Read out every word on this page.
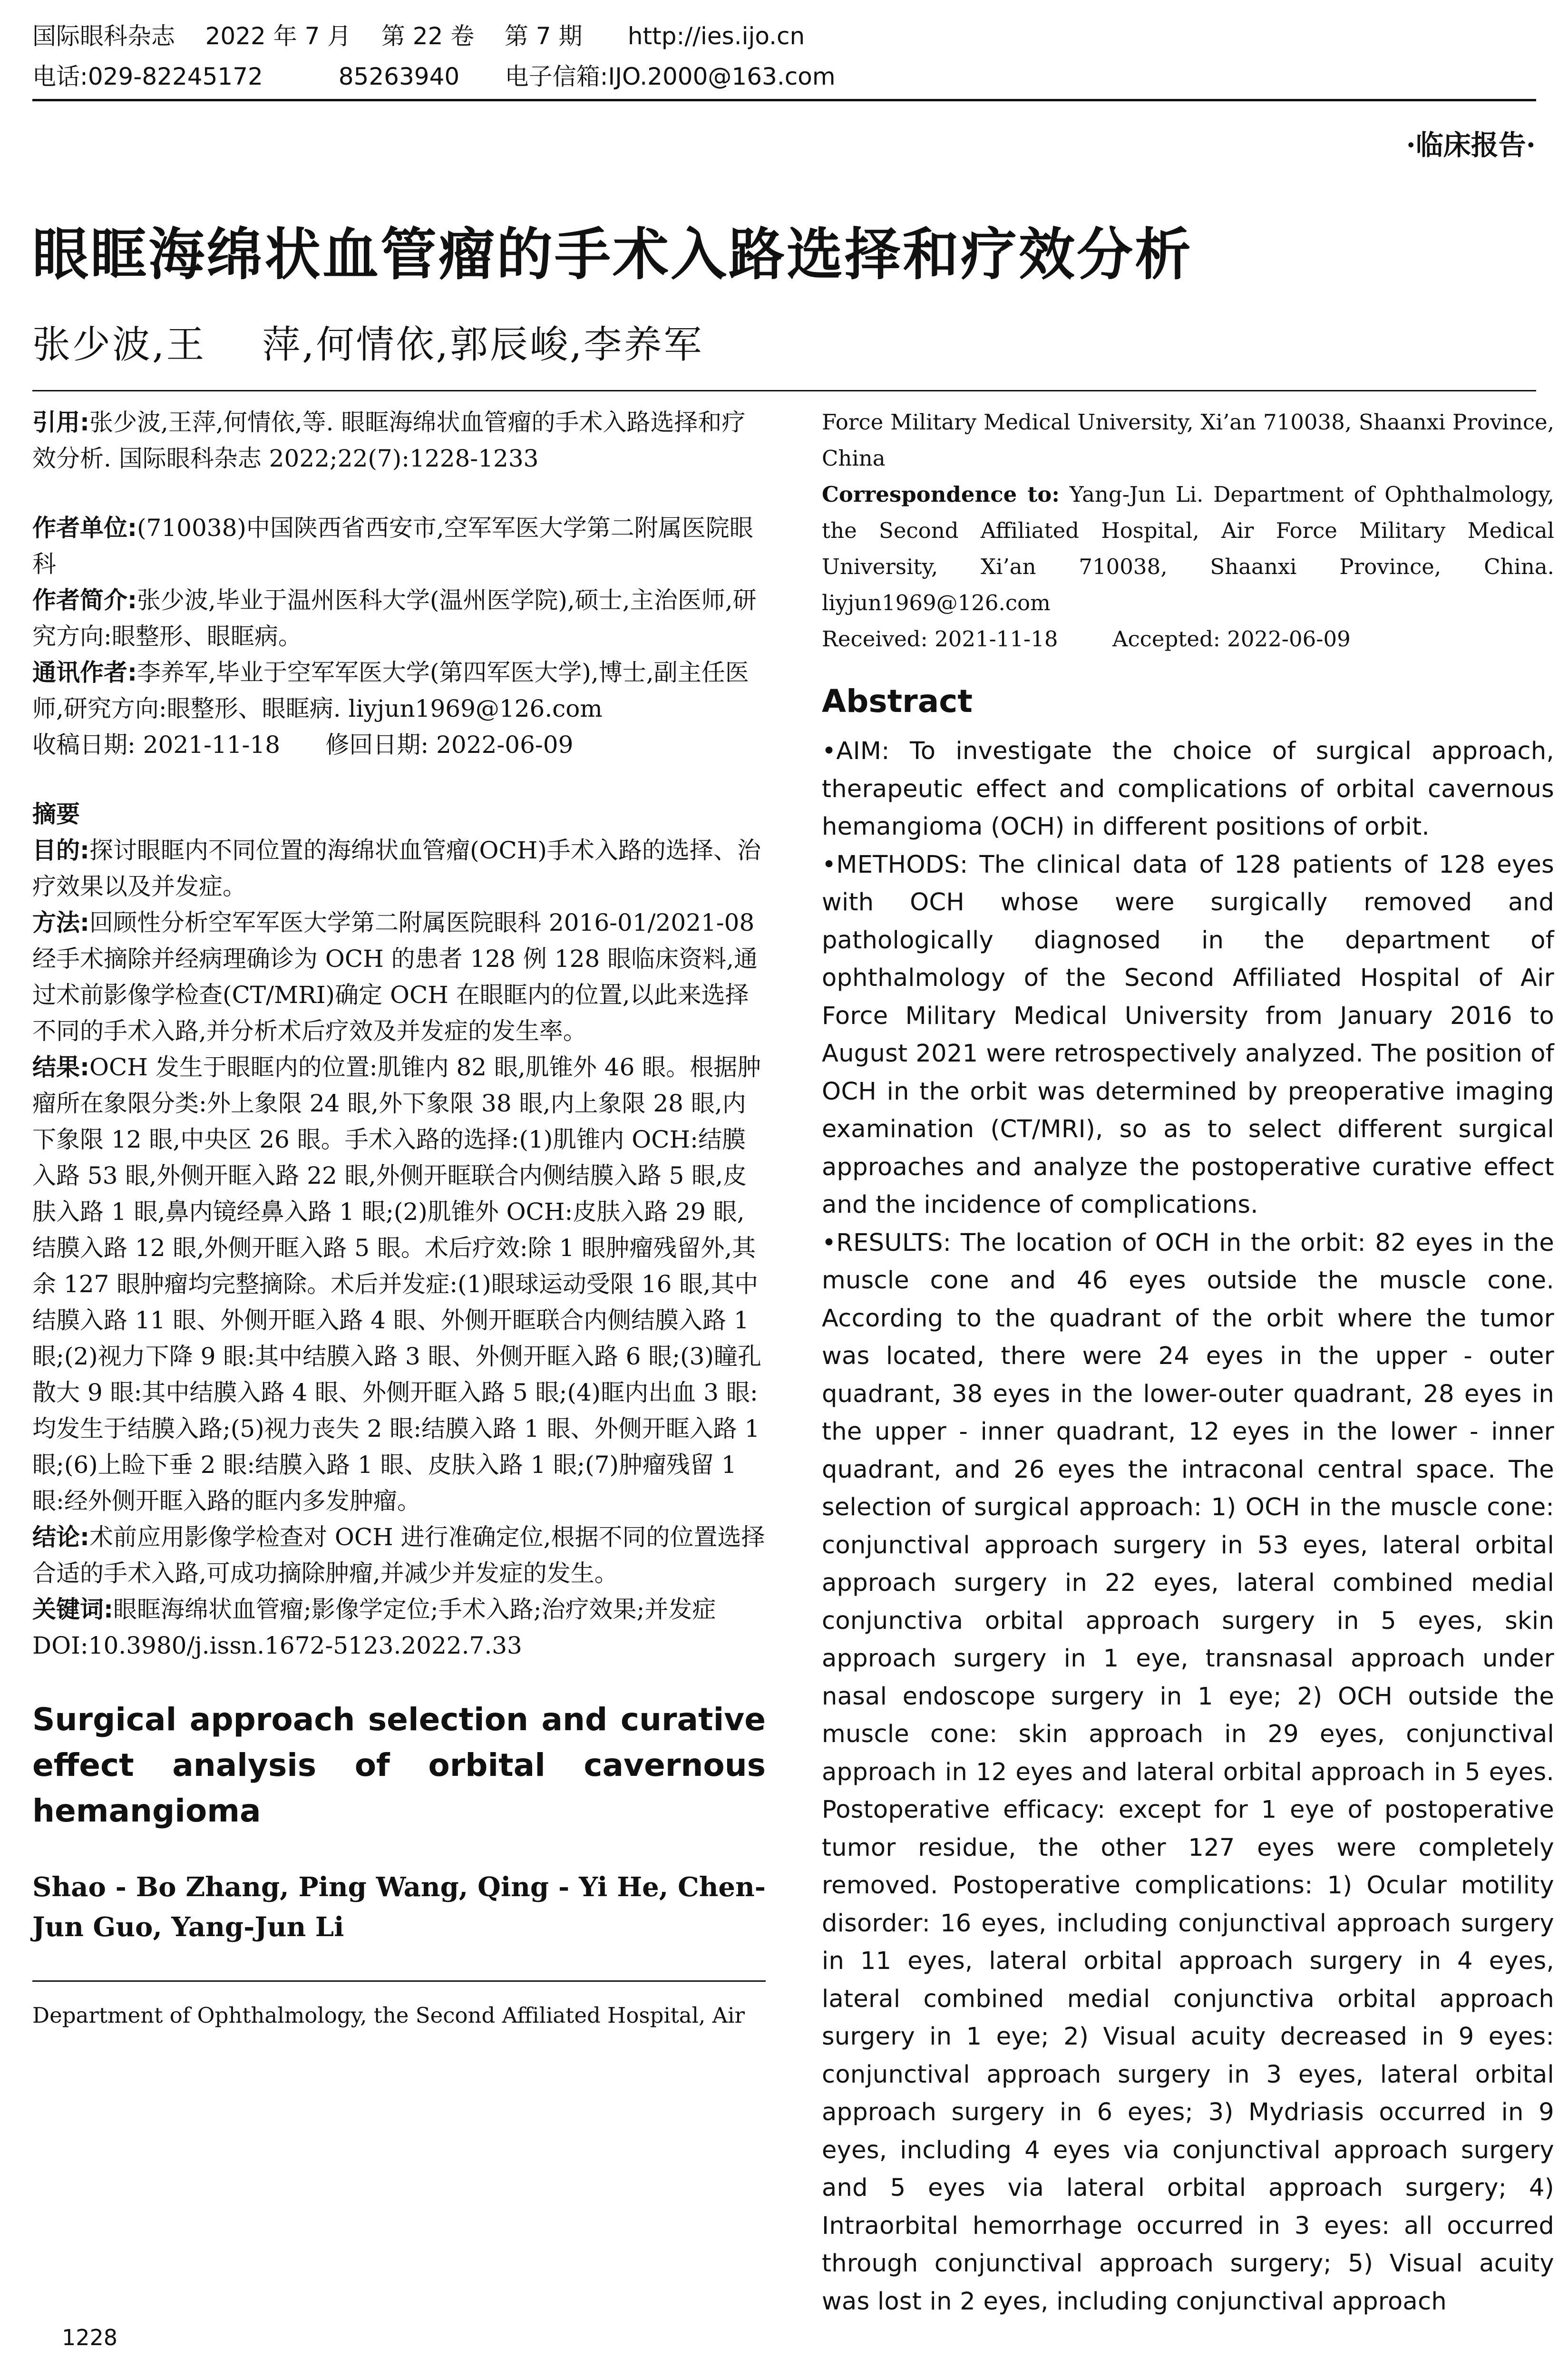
国际眼科杂志    2022 年 7 月    第 22 卷    第 7 期      http://ies.ijo.cn
电话:029-82245172          85263940      电子信箱:IJO.2000@163.com
·临床报告·
眼眶海绵状血管瘤的手术入路选择和疗效分析
张少波,王    萍,何情依,郭辰峻,李养军

引用:张少波,王萍,何情依,等. 眼眶海绵状血管瘤的手术入路选择和疗效分析. 国际眼科杂志 2022;22(7):1228-1233

作者单位:(710038)中国陕西省西安市,空军军医大学第二附属医院眼科

作者简介:张少波,毕业于温州医科大学(温州医学院),硕士,主治医师,研究方向:眼整形、眼眶病。

通讯作者:李养军,毕业于空军军医大学(第四军医大学),博士,副主任医师,研究方向:眼整形、眼眶病. liyjun1969@126.com

收稿日期: 2021-11-18      修回日期: 2022-06-09

摘要

目的:探讨眼眶内不同位置的海绵状血管瘤(OCH)手术入路的选择、治疗效果以及并发症。

方法:回顾性分析空军军医大学第二附属医院眼科 2016-01/2021-08 经手术摘除并经病理确诊为 OCH 的患者 128 例 128 眼临床资料,通过术前影像学检查(CT/MRI)确定 OCH 在眼眶内的位置,以此来选择不同的手术入路,并分析术后疗效及并发症的发生率。

结果:OCH 发生于眼眶内的位置:肌锥内 82 眼,肌锥外 46 眼。根据肿瘤所在象限分类:外上象限 24 眼,外下象限 38 眼,内上象限 28 眼,内下象限 12 眼,中央区 26 眼。手术入路的选择:(1)肌锥内 OCH:结膜入路 53 眼,外侧开眶入路 22 眼,外侧开眶联合内侧结膜入路 5 眼,皮肤入路 1 眼,鼻内镜经鼻入路 1 眼;(2)肌锥外 OCH:皮肤入路 29 眼,结膜入路 12 眼,外侧开眶入路 5 眼。术后疗效:除 1 眼肿瘤残留外,其余 127 眼肿瘤均完整摘除。术后并发症:(1)眼球运动受限 16 眼,其中结膜入路 11 眼、外侧开眶入路 4 眼、外侧开眶联合内侧结膜入路 1 眼;(2)视力下降 9 眼:其中结膜入路 3 眼、外侧开眶入路 6 眼;(3)瞳孔散大 9 眼:其中结膜入路 4 眼、外侧开眶入路 5 眼;(4)眶内出血 3 眼:均发生于结膜入路;(5)视力丧失 2 眼:结膜入路 1 眼、外侧开眶入路 1 眼;(6)上睑下垂 2 眼:结膜入路 1 眼、皮肤入路 1 眼;(7)肿瘤残留 1 眼:经外侧开眶入路的眶内多发肿瘤。

结论:术前应用影像学检查对 OCH 进行准确定位,根据不同的位置选择合适的手术入路,可成功摘除肿瘤,并减少并发症的发生。

关键词:眼眶海绵状血管瘤;影像学定位;手术入路;治疗效果;并发症

DOI:10.3980/j.issn.1672-5123.2022.7.33

Surgical approach selection and curative effect analysis of orbital cavernous hemangioma

Shao - Bo Zhang, Ping Wang, Qing - Yi He, Chen-Jun Guo, Yang-Jun Li

Department of Ophthalmology, the Second Affiliated Hospital, Air

Force Military Medical University, Xi’an 710038, Shaanxi Province, China

Correspondence to: Yang-Jun Li. Department of Ophthalmology, the Second Affiliated Hospital, Air Force Military Medical University, Xi’an 710038, Shaanxi Province, China. liyjun1969@126.com

Received: 2021-11-18        Accepted: 2022-06-09

Abstract

•AIM: To investigate the choice of surgical approach, therapeutic effect and complications of orbital cavernous hemangioma (OCH) in different positions of orbit.

•METHODS: The clinical data of 128 patients of 128 eyes with OCH whose were surgically removed and pathologically diagnosed in the department of ophthalmology of the Second Affiliated Hospital of Air Force Military Medical University from January 2016 to August 2021 were retrospectively analyzed. The position of OCH in the orbit was determined by preoperative imaging examination (CT/MRI), so as to select different surgical approaches and analyze the postoperative curative effect and the incidence of complications.

•RESULTS: The location of OCH in the orbit: 82 eyes in the muscle cone and 46 eyes outside the muscle cone. According to the quadrant of the orbit where the tumor was located, there were 24 eyes in the upper - outer quadrant, 38 eyes in the lower-outer quadrant, 28 eyes in the upper - inner quadrant, 12 eyes in the lower - inner quadrant, and 26 eyes the intraconal central space. The selection of surgical approach: 1) OCH in the muscle cone: conjunctival approach surgery in 53 eyes, lateral orbital approach surgery in 22 eyes, lateral combined medial conjunctiva orbital approach surgery in 5 eyes, skin approach surgery in 1 eye, transnasal approach under nasal endoscope surgery in 1 eye; 2) OCH outside the muscle cone: skin approach in 29 eyes, conjunctival approach in 12 eyes and lateral orbital approach in 5 eyes. Postoperative efficacy: except for 1 eye of postoperative tumor residue, the other 127 eyes were completely removed. Postoperative complications: 1) Ocular motility disorder: 16 eyes, including conjunctival approach surgery in 11 eyes, lateral orbital approach surgery in 4 eyes, lateral combined medial conjunctiva orbital approach surgery in 1 eye; 2) Visual acuity decreased in 9 eyes: conjunctival approach surgery in 3 eyes, lateral orbital approach surgery in 6 eyes; 3) Mydriasis occurred in 9 eyes, including 4 eyes via conjunctival approach surgery and 5 eyes via lateral orbital approach surgery; 4) Intraorbital hemorrhage occurred in 3 eyes: all occurred through conjunctival approach surgery; 5) Visual acuity was lost in 2 eyes, including conjunctival approach

1228
